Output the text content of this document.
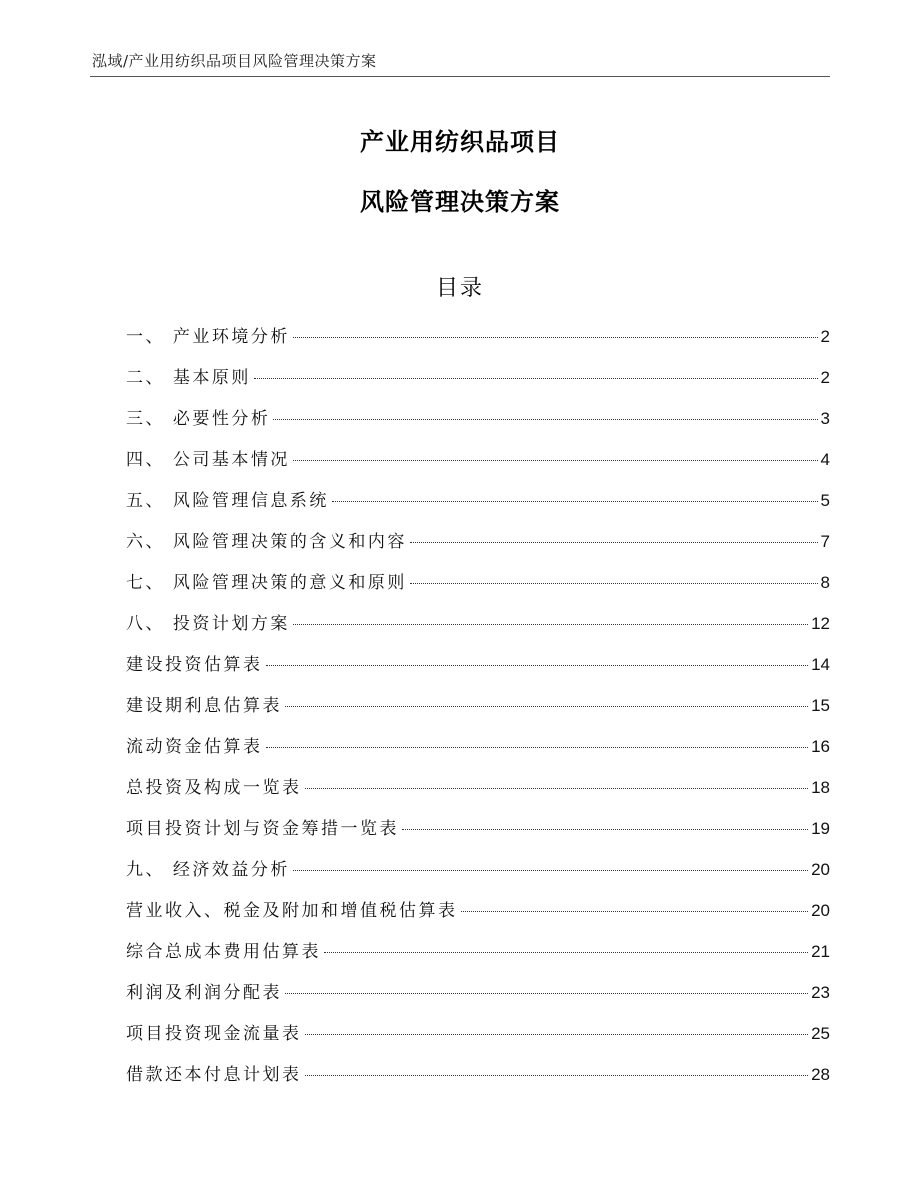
泓域/产业用纺织品项目风险管理决策方案
产业用纺织品项目
风险管理决策方案
目录
一、 产业环境分析	2
二、 基本原则	2
三、 必要性分析	3
四、 公司基本情况	4
五、 风险管理信息系统	5
六、 风险管理决策的含义和内容	7
七、 风险管理决策的意义和原则	8
八、 投资计划方案	12
建设投资估算表	14
建设期利息估算表	15
流动资金估算表	16
总投资及构成一览表	18
项目投资计划与资金筹措一览表	19
九、 经济效益分析	20
营业收入、税金及附加和增值税估算表	20
综合总成本费用估算表	21
利润及利润分配表	23
项目投资现金流量表	25
借款还本付息计划表	28
